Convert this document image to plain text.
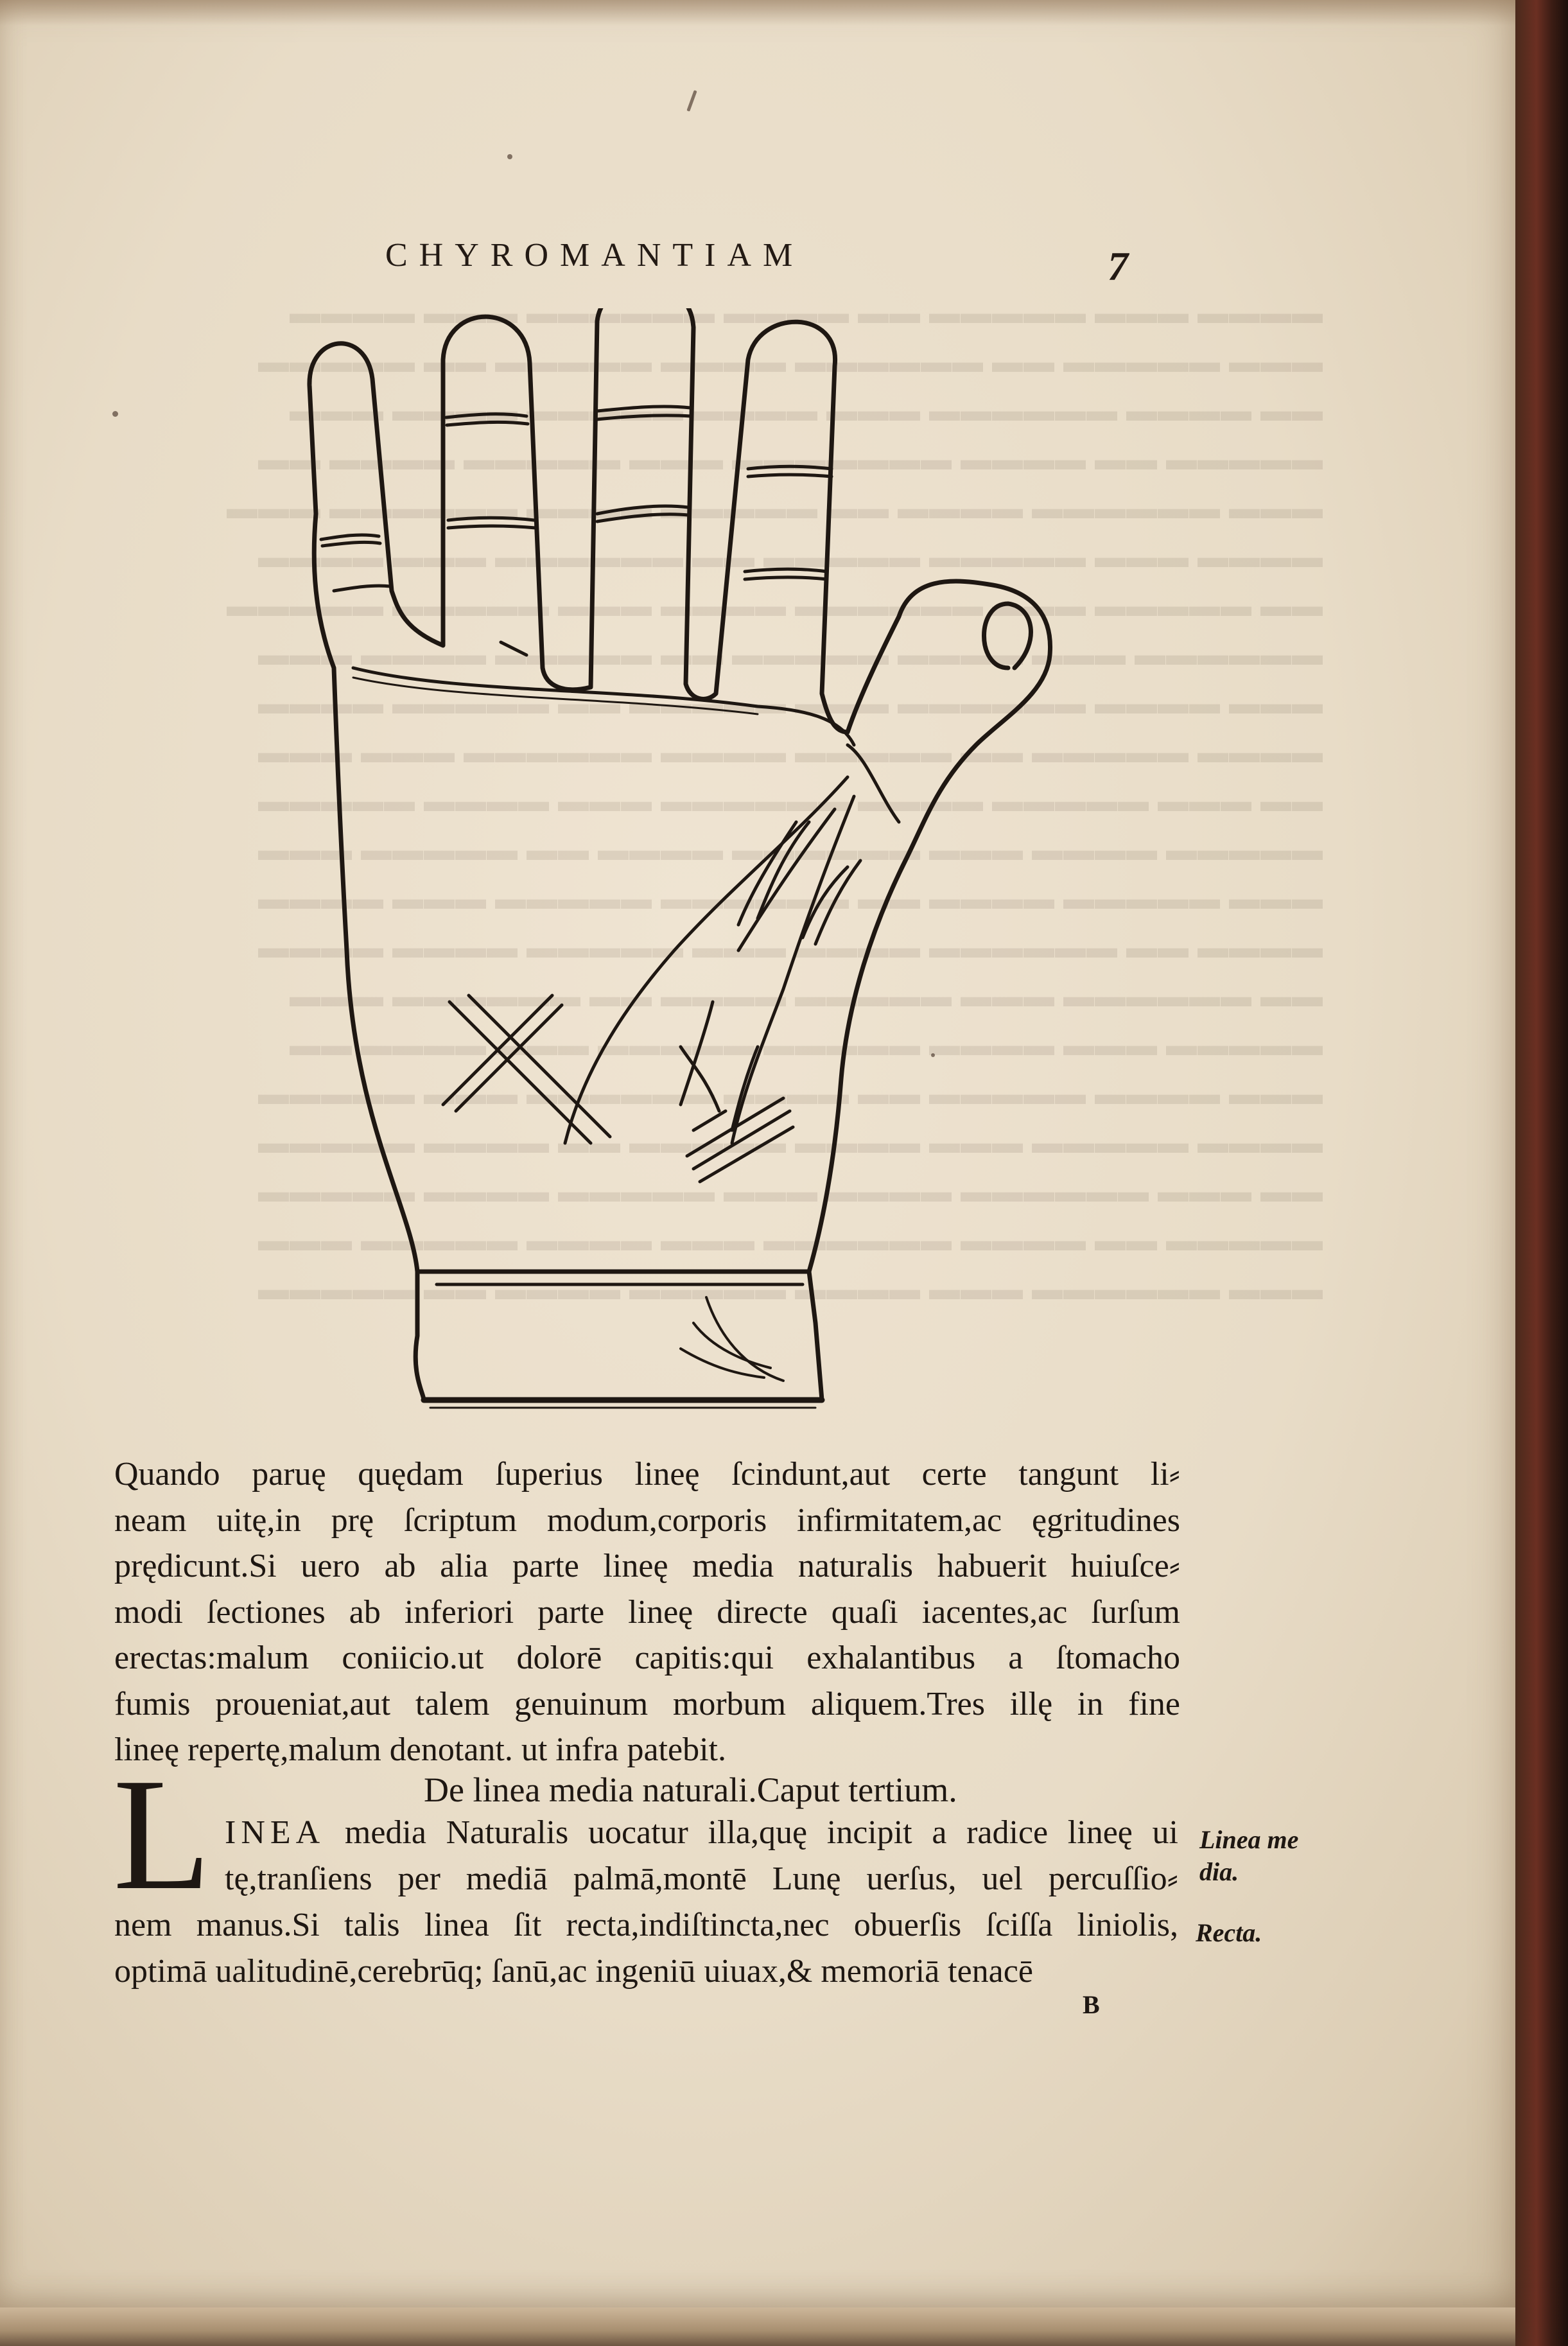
▬▬▬▬ ▬▬▬ ▬▬▬▬▬ ▬▬ ▬▬▬▬ ▬▬▬▬▬▬ ▬▬▬ ▬▬▬▬
▬▬▬ ▬▬▬▬▬ ▬▬ ▬▬▬▬▬▬ ▬▬▬▬ ▬▬▬▬▬ ▬▬ ▬▬▬▬▬
▬▬ ▬▬▬▬ ▬▬▬▬▬▬ ▬▬▬ ▬▬▬▬ ▬▬▬▬▬ ▬▬▬▬ ▬▬▬
▬▬▬▬▬ ▬▬ ▬▬▬▬ ▬▬▬▬▬▬▬ ▬▬▬ ▬▬▬▬▬ ▬▬▬▬ ▬▬
▬▬▬ ▬▬▬▬▬▬ ▬▬▬▬ ▬▬ ▬▬▬▬▬ ▬▬▬▬ ▬▬▬▬▬▬ ▬▬▬
▬▬▬▬ ▬▬▬ ▬▬▬▬▬ ▬▬▬▬▬ ▬▬ ▬▬▬▬▬▬ ▬▬▬ ▬▬▬▬
▬▬ ▬▬▬▬▬ ▬▬▬ ▬▬▬▬▬▬ ▬▬▬▬ ▬▬▬ ▬▬▬▬▬ ▬▬▬▬▬
▬▬▬▬▬▬ ▬▬▬ ▬▬▬▬ ▬▬▬▬▬ ▬▬ ▬▬▬▬▬ ▬▬▬▬ ▬▬▬
▬▬▬ ▬▬▬▬ ▬▬▬▬▬▬ ▬▬▬ ▬▬▬▬▬ ▬▬ ▬▬▬▬▬ ▬▬▬▬
▬▬▬▬ ▬▬▬▬▬ ▬▬ ▬▬▬▬▬ ▬▬▬▬ ▬▬▬▬▬▬ ▬▬▬ ▬▬▬
▬▬ ▬▬▬ ▬▬▬▬▬ ▬▬▬▬ ▬▬▬▬▬▬ ▬▬▬ ▬▬▬▬ ▬▬▬▬▬
▬▬▬▬▬ ▬▬▬▬ ▬▬▬ ▬▬▬▬▬▬ ▬▬▬▬ ▬▬ ▬▬▬▬▬ ▬▬▬
▬▬▬ ▬▬▬▬▬ ▬▬▬▬ ▬▬ ▬▬▬▬▬▬ ▬▬▬▬▬ ▬▬▬ ▬▬▬▬
▬▬▬▬ ▬▬ ▬▬▬▬▬▬ ▬▬▬▬ ▬▬▬ ▬▬▬▬▬ ▬▬▬▬ ▬▬▬▬
▬▬ ▬▬▬▬▬▬ ▬▬▬ ▬▬▬▬▬ ▬▬▬▬ ▬▬ ▬▬▬▬▬▬ ▬▬▬
▬▬▬▬▬ ▬▬▬ ▬▬▬▬ ▬▬▬▬▬ ▬▬▬▬▬ ▬▬▬ ▬▬▬▬ ▬▬
▬▬▬ ▬▬▬▬ ▬▬▬▬▬ ▬▬ ▬▬▬▬ ▬▬▬▬▬▬ ▬▬▬ ▬▬▬▬▬
▬▬▬▬ ▬▬▬▬▬ ▬▬▬ ▬▬▬▬ ▬▬▬▬▬ ▬▬ ▬▬▬▬ ▬▬▬▬▬
▬▬ ▬▬▬ ▬▬▬▬▬▬ ▬▬▬▬ ▬▬▬ ▬▬▬▬▬ ▬▬▬▬ ▬▬▬▬▬
▬▬▬▬▬ ▬▬ ▬▬▬▬ ▬▬▬▬▬▬ ▬▬▬ ▬▬▬▬ ▬▬▬▬▬ ▬▬▬
▬▬▬ ▬▬▬▬▬▬ ▬▬▬ ▬▬▬▬ ▬▬▬▬▬ ▬▬▬▬ ▬▬ ▬▬▬▬▬
CHYROMANTIAM	7
Quando paruę quędam ſuperius lineę ſcindunt,aut certe tangunt li⸗
neam uitę,in prę ſcriptum modum,corporis infirmitatem,ac ęgritudines
prędicunt.Si uero ab alia parte lineę media naturalis habuerit huiuſce⸗
modi ſectiones ab inferiori parte lineę directe quaſi iacentes,ac ſurſum
erectas:malum coniicio.ut dolorē capitis:qui exhalantibus a ſtomacho
fumis proueniat,aut talem genuinum morbum aliquem.Tres illę in fine
lineę repertę,malum denotant. ut infra patebit.
L	De linea media naturali.Caput tertium.
INEA media Naturalis uocatur illa,quę incipit a radice lineę ui
tę,tranſiens per mediā palmā,montē Lunę uerſus, uel percuſſio⸗
nem manus.Si talis linea ſit recta,indiſtincta,nec obuerſis ſciſſa liniolis,
optimā ualitudinē,cerebrūq; ſanū,ac ingeniū uiuax,& memoriā tenacē
Linea me
dia.
Recta.
B
